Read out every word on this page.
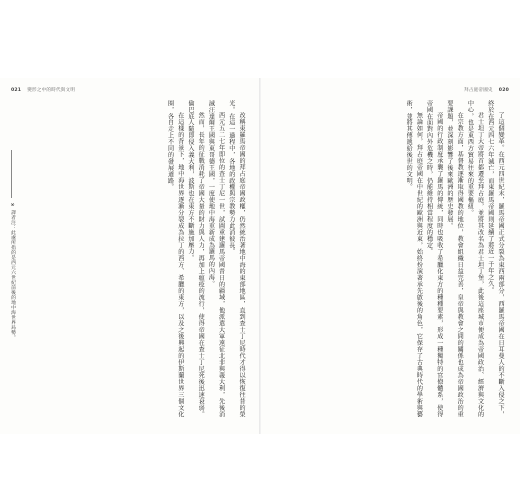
021 變形之中的時代與文明

改稱東羅馬帝國的拜占庭帝國政權，仍然統治著地中海的東部地區，直到查士丁尼時代才得以恢復往昔的榮光。在這一過程中，各地的政權與宗教勢力此消彼長。

西元五二七年即位的查士丁尼一世，試圖重建羅馬帝國昔日的疆域，他派遣大軍遠征北非與義大利，先後消滅汪達爾王國與東哥德王國，一度使地中海重新成為羅馬的內海。

然而，長年的征戰消耗了帝國大量的財力與人力，再加上瘟疫的流行，使得帝國在查士丁尼死後迅速衰弱。倫巴底人隨即侵入義大利，波斯也在東方不斷施加壓力。

在這樣的背景下，地中海世界逐漸分裂成為拉丁的西方、希臘的東方，以及之後興起的伊斯蘭世界三個文化圈，各自走上不同的發展道路。

※ 譯者注：此處所指的是西元六世紀前後的地中海世界局勢。
拜占庭帝國史 020

了這個變革。在西元四世紀末，羅馬帝國正式分裂為東西兩部分，西羅馬帝國在日耳曼人的不斷入侵之下，終於在西元四七六年滅亡，而東羅馬帝國則延續了將近一千年之久。

君士坦丁大帝將首都遷至拜占庭，並將其改名為君士坦丁堡，此後這座城市便成為帝國政治、經濟與文化的中心，也是東西方貿易往來的重要樞紐。

在宗教方面，基督教逐漸取得國教的地位，教會組織日益完善，皇帝與教會之間的關係也成為帝國政治的重要課題，並深刻影響了後來歐洲的歷史發展。

帝國的行政制度承襲了羅馬的傳統，同時也吸收了希臘化東方的種種要素，形成一種獨特的官僚體系，使得帝國在面對內外危機之時，仍能維持相當程度的穩定。

無論如何，拜占庭帝國在中世紀的歐洲與近東，始終扮演著承先啟後的角色，它保存了古典時代的學術與藝術，並將其傳遞給後世的文明。
